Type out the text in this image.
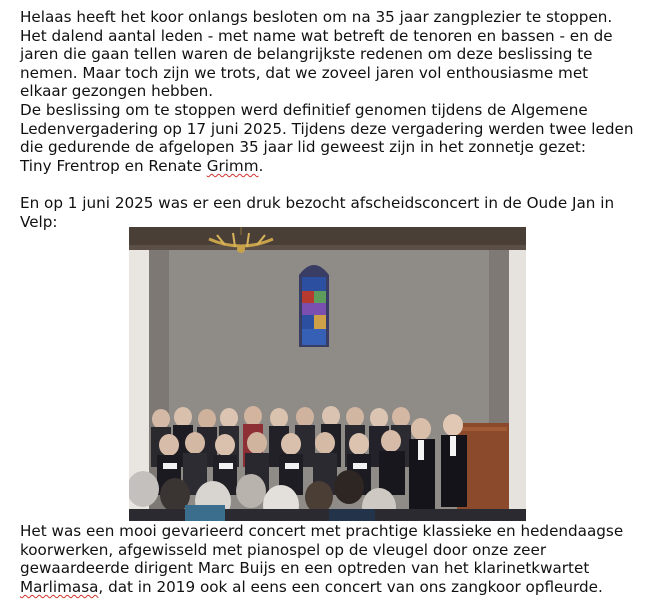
Helaas heeft het koor onlangs besloten om na 35 jaar zangplezier te stoppen. Het dalend aantal leden - met name wat betreft de tenoren en bassen - en de jaren die gaan tellen waren de belangrijkste redenen om deze beslissing te nemen. Maar toch zijn we trots, dat we zoveel jaren vol enthousiasme met elkaar gezongen hebben.

De beslissing om te stoppen werd definitief genomen tijdens de Algemene Ledenvergadering op 17 juni 2025. Tijdens deze vergadering werden twee leden die gedurende de afgelopen 35 jaar lid geweest zijn in het zonnetje gezet:

Tiny Frentrop en Renate Grimm.

En op 1 juni 2025 was er een druk bezocht afscheidsconcert in de Oude Jan in Velp:

Het was een mooi gevarieerd concert met prachtige klassieke en hedendaagse koorwerken, afgewisseld met pianospel op de vleugel door onze zeer gewaardeerde dirigent Marc Buijs en een optreden van het klarinetkwartet Marlimasa, dat in 2019 ook al eens een concert van ons zangkoor opfleurde.
